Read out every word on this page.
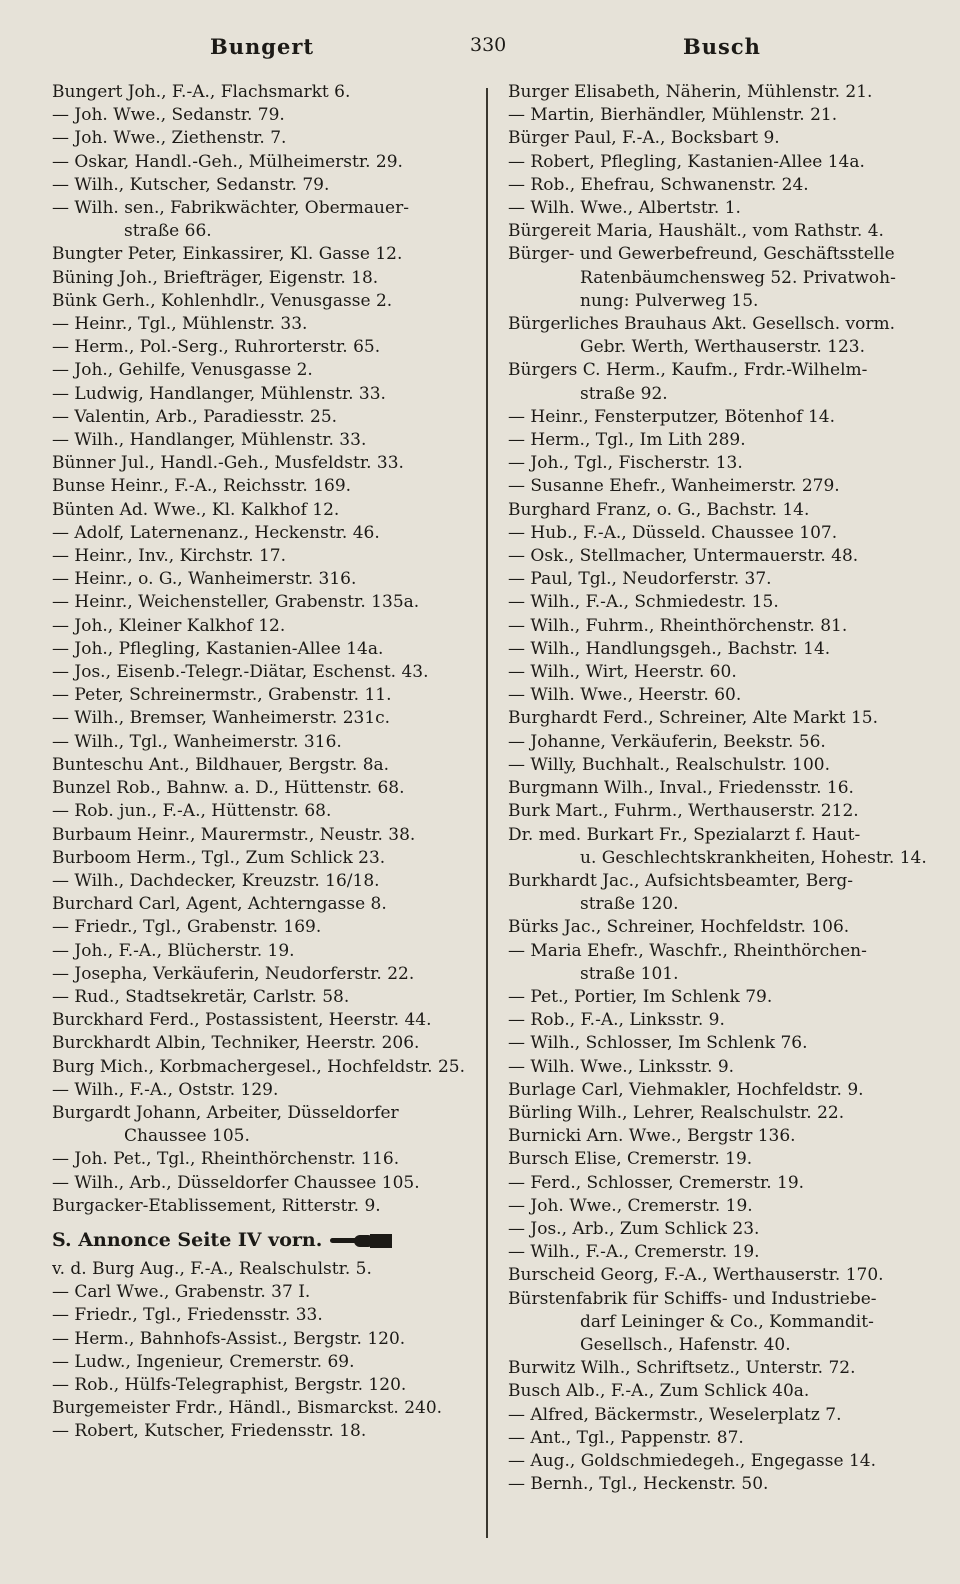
Bungert	330	Busch
Bungert Joh., F.-A., Flachsmarkt 6.
— Joh. Wwe., Sedanstr. 79.
— Joh. Wwe., Ziethenstr. 7.
— Oskar, Handl.-Geh., Mülheimerstr. 29.
— Wilh., Kutscher, Sedanstr. 79.
— Wilh. sen., Fabrikwächter, Obermauer-
straße 66.
Bungter Peter, Einkassirer, Kl. Gasse 12.
Büning Joh., Briefträger, Eigenstr. 18.
Bünk Gerh., Kohlenhdlr., Venusgasse 2.
— Heinr., Tgl., Mühlenstr. 33.
— Herm., Pol.-Serg., Ruhrorterstr. 65.
— Joh., Gehilfe, Venusgasse 2.
— Ludwig, Handlanger, Mühlenstr. 33.
— Valentin, Arb., Paradiesstr. 25.
— Wilh., Handlanger, Mühlenstr. 33.
Bünner Jul., Handl.-Geh., Musfeldstr. 33.
Bunse Heinr., F.-A., Reichsstr. 169.
Bünten Ad. Wwe., Kl. Kalkhof 12.
— Adolf, Laternenanz., Heckenstr. 46.
— Heinr., Inv., Kirchstr. 17.
— Heinr., o. G., Wanheimerstr. 316.
— Heinr., Weichensteller, Grabenstr. 135a.
— Joh., Kleiner Kalkhof 12.
— Joh., Pflegling, Kastanien-Allee 14a.
— Jos., Eisenb.-Telegr.-Diätar, Eschenst. 43.
— Peter, Schreinermstr., Grabenstr. 11.
— Wilh., Bremser, Wanheimerstr. 231c.
— Wilh., Tgl., Wanheimerstr. 316.
Bunteschu Ant., Bildhauer, Bergstr. 8a.
Bunzel Rob., Bahnw. a. D., Hüttenstr. 68.
— Rob. jun., F.-A., Hüttenstr. 68.
Burbaum Heinr., Maurermstr., Neustr. 38.
Burboom Herm., Tgl., Zum Schlick 23.
— Wilh., Dachdecker, Kreuzstr. 16/18.
Burchard Carl, Agent, Achterngasse 8.
— Friedr., Tgl., Grabenstr. 169.
— Joh., F.-A., Blücherstr. 19.
— Josepha, Verkäuferin, Neudorferstr. 22.
— Rud., Stadtsekretär, Carlstr. 58.
Burckhard Ferd., Postassistent, Heerstr. 44.
Burckhardt Albin, Techniker, Heerstr. 206.
Burg Mich., Korbmachergesel., Hochfeldstr. 25.
— Wilh., F.-A., Oststr. 129.
Burgardt Johann, Arbeiter, Düsseldorfer
Chaussee 105.
— Joh. Pet., Tgl., Rheinthörchenstr. 116.
— Wilh., Arb., Düsseldorfer Chaussee 105.
Burgacker-Etablissement, Ritterstr. 9.
S. Annonce Seite IV vorn.
v. d. Burg Aug., F.-A., Realschulstr. 5.
— Carl Wwe., Grabenstr. 37 I.
— Friedr., Tgl., Friedensstr. 33.
— Herm., Bahnhofs-Assist., Bergstr. 120.
— Ludw., Ingenieur, Cremerstr. 69.
— Rob., Hülfs-Telegraphist, Bergstr. 120.
Burgemeister Frdr., Händl., Bismarckst. 240.
— Robert, Kutscher, Friedensstr. 18.
Burger Elisabeth, Näherin, Mühlenstr. 21.
— Martin, Bierhändler, Mühlenstr. 21.
Bürger Paul, F.-A., Bocksbart 9.
— Robert, Pflegling, Kastanien-Allee 14a.
— Rob., Ehefrau, Schwanenstr. 24.
— Wilh. Wwe., Albertstr. 1.
Bürgereit Maria, Haushält., vom Rathstr. 4.
Bürger- und Gewerbefreund, Geschäftsstelle
Ratenbäumchensweg 52. Privatwoh-
nung: Pulverweg 15.
Bürgerliches Brauhaus Akt. Gesellsch. vorm.
Gebr. Werth, Werthauserstr. 123.
Bürgers C. Herm., Kaufm., Frdr.-Wilhelm-
straße 92.
— Heinr., Fensterputzer, Bötenhof 14.
— Herm., Tgl., Im Lith 289.
— Joh., Tgl., Fischerstr. 13.
— Susanne Ehefr., Wanheimerstr. 279.
Burghard Franz, o. G., Bachstr. 14.
— Hub., F.-A., Düsseld. Chaussee 107.
— Osk., Stellmacher, Untermauerstr. 48.
— Paul, Tgl., Neudorferstr. 37.
— Wilh., F.-A., Schmiedestr. 15.
— Wilh., Fuhrm., Rheinthörchenstr. 81.
— Wilh., Handlungsgeh., Bachstr. 14.
— Wilh., Wirt, Heerstr. 60.
— Wilh. Wwe., Heerstr. 60.
Burghardt Ferd., Schreiner, Alte Markt 15.
— Johanne, Verkäuferin, Beekstr. 56.
— Willy, Buchhalt., Realschulstr. 100.
Burgmann Wilh., Inval., Friedensstr. 16.
Burk Mart., Fuhrm., Werthauserstr. 212.
Dr. med. Burkart Fr., Spezialarzt f. Haut-
u. Geschlechtskrankheiten, Hohestr. 14.
Burkhardt Jac., Aufsichtsbeamter, Berg-
straße 120.
Bürks Jac., Schreiner, Hochfeldstr. 106.
— Maria Ehefr., Waschfr., Rheinthörchen-
straße 101.
— Pet., Portier, Im Schlenk 79.
— Rob., F.-A., Linksstr. 9.
— Wilh., Schlosser, Im Schlenk 76.
— Wilh. Wwe., Linksstr. 9.
Burlage Carl, Viehmakler, Hochfeldstr. 9.
Bürling Wilh., Lehrer, Realschulstr. 22.
Burnicki Arn. Wwe., Bergstr 136.
Bursch Elise, Cremerstr. 19.
— Ferd., Schlosser, Cremerstr. 19.
— Joh. Wwe., Cremerstr. 19.
— Jos., Arb., Zum Schlick 23.
— Wilh., F.-A., Cremerstr. 19.
Burscheid Georg, F.-A., Werthauserstr. 170.
Bürstenfabrik für Schiffs- und Industriebe-
darf Leininger & Co., Kommandit-
Gesellsch., Hafenstr. 40.
Burwitz Wilh., Schriftsetz., Unterstr. 72.
Busch Alb., F.-A., Zum Schlick 40a.
— Alfred, Bäckermstr., Weselerplatz 7.
— Ant., Tgl., Pappenstr. 87.
— Aug., Goldschmiedegeh., Engegasse 14.
— Bernh., Tgl., Heckenstr. 50.
